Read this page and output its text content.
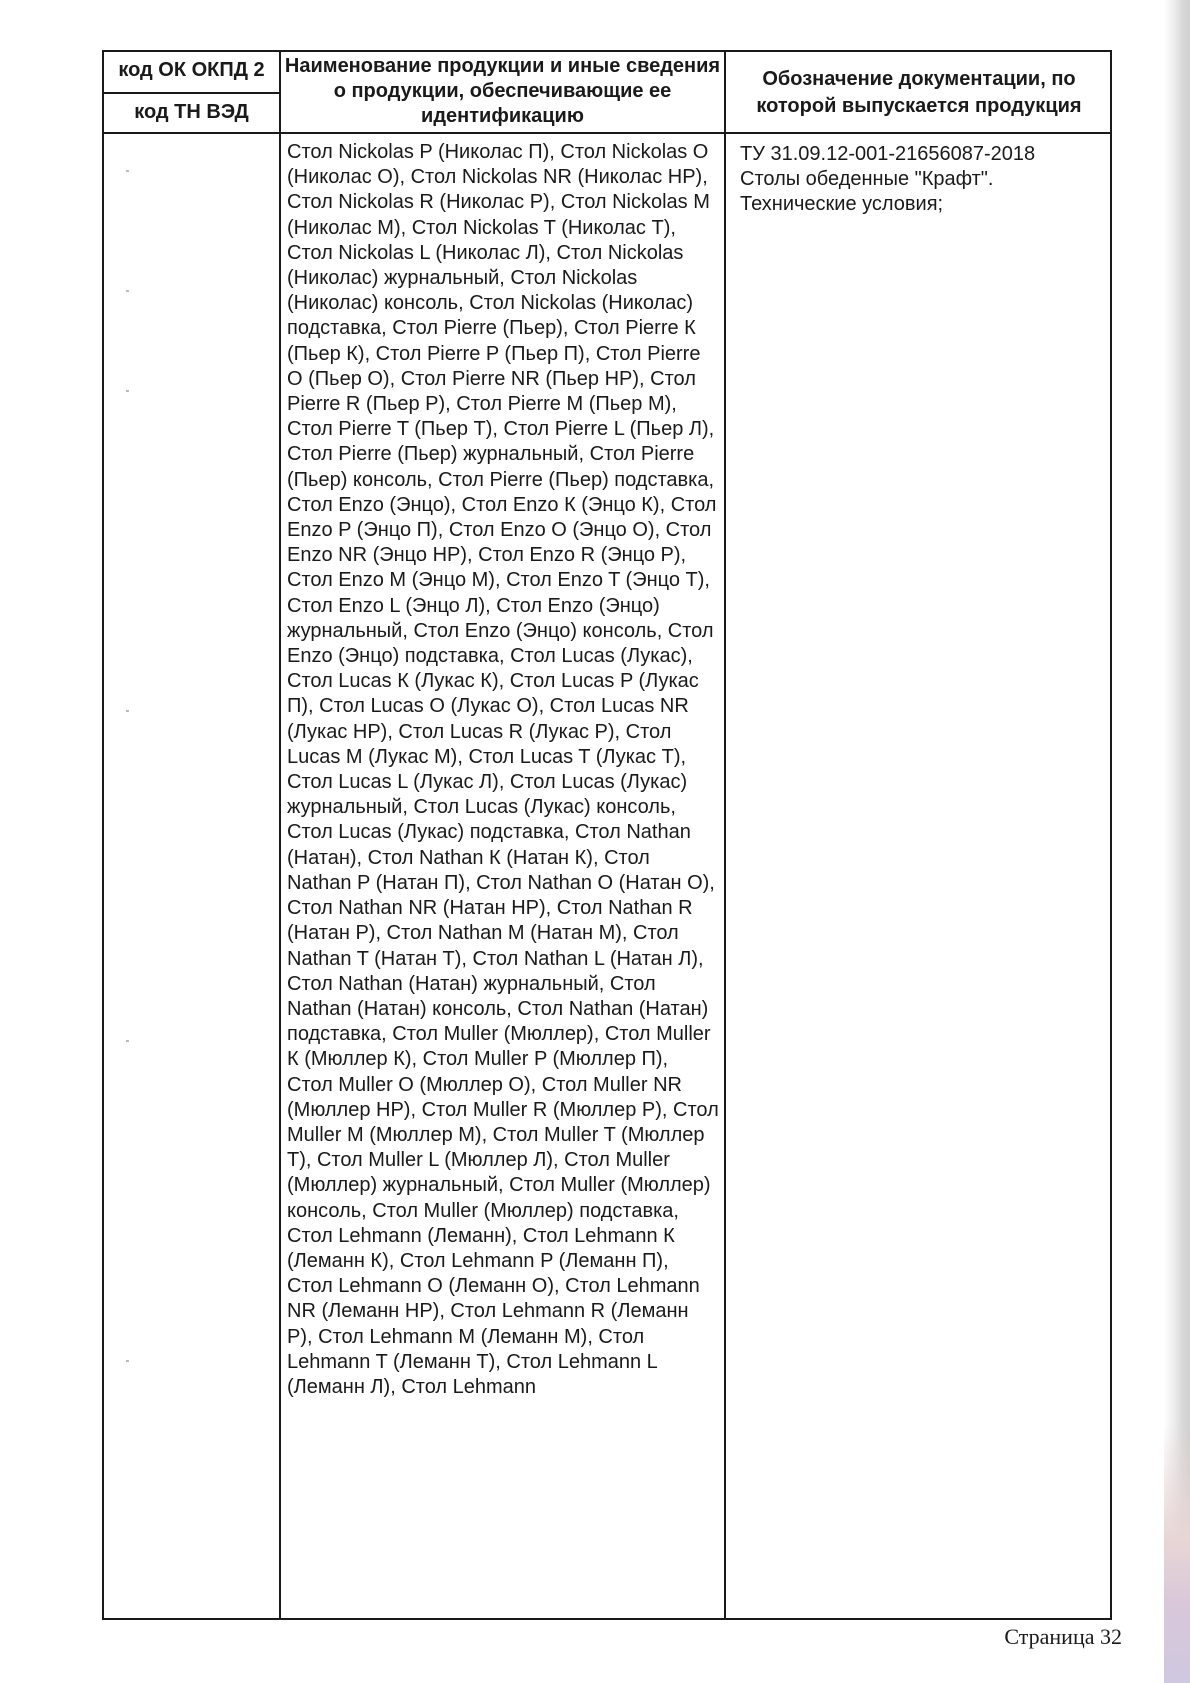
код ОК ОКПД 2
код ТН ВЭД
Наименование продукции и иные сведения о продукции, обеспечивающие ее идентификацию
Обозначение документации, по которой выпускается продукция
Стол Nickolas P (Николас П), Стол Nickolas O (Николас О), Стол Nickolas NR (Николас НР), Стол Nickolas R (Николас Р), Стол Nickolas M (Николас М), Стол Nickolas T (Николас Т), Стол Nickolas L (Николас Л), Стол Nickolas (Николас) журнальный, Стол Nickolas (Николас) консоль, Стол Nickolas (Николас) подставка, Стол Pierre (Пьер), Стол Pierre К (Пьер К), Стол Pierre P (Пьер П), Стол Pierre O (Пьер О), Стол Pierre NR (Пьер НР), Стол Pierre R (Пьер Р), Стол Pierre M (Пьер М), Стол Pierre T (Пьер Т), Стол Pierre L (Пьер Л), Стол Pierre (Пьер) журнальный, Стол Pierre (Пьер) консоль, Стол Pierre (Пьер) подставка, Стол Enzo (Энцо), Стол Enzo К (Энцо К), Стол Enzo P (Энцо П), Стол Enzo O (Энцо О), Стол Enzo NR (Энцо НР), Стол Enzo R (Энцо Р), Стол Enzo M (Энцо М), Стол Enzo T (Энцо Т), Стол Enzo L (Энцо Л), Стол Enzo (Энцо) журнальный, Стол Enzo (Энцо) консоль, Стол Enzo (Энцо) подставка, Стол Lucas (Лукас), Стол Lucas К (Лукас К), Стол Lucas P (Лукас П), Стол Lucas O (Лукас О), Стол Lucas NR (Лукас НР), Стол Lucas R (Лукас Р), Стол Lucas M (Лукас М), Стол Lucas T (Лукас Т), Стол Lucas L (Лукас Л), Стол Lucas (Лукас) журнальный, Стол Lucas (Лукас) консоль, Стол Lucas (Лукас) подставка, Стол Nathan (Натан), Стол Nathan К (Натан К), Стол Nathan P (Натан П), Стол Nathan O (Натан О), Стол Nathan NR (Натан НР), Стол Nathan R (Натан Р), Стол Nathan M (Натан М), Стол Nathan T (Натан Т), Стол Nathan L (Натан Л), Стол Nathan (Натан) журнальный, Стол Nathan (Натан) консоль, Стол Nathan (Натан) подставка, Стол Muller (Мюллер), Стол Muller К (Мюллер К), Стол Muller P (Мюллер П), Стол Muller O (Мюллер О), Стол Muller NR (Мюллер НР), Стол Muller R (Мюллер Р), Стол Muller M (Мюллер М), Стол Muller T (Мюллер Т), Стол Muller L (Мюллер Л), Стол Muller (Мюллер) журнальный, Стол Muller (Мюллер) консоль, Стол Muller (Мюллер) подставка, Стол Lehmann (Леманн), Стол Lehmann К (Леманн К), Стол Lehmann P (Леманн П), Стол Lehmann O (Леманн О), Стол Lehmann NR (Леманн НР), Стол Lehmann R (Леманн Р), Стол Lehmann M (Леманн М), Стол Lehmann T (Леманн Т), Стол Lehmann L (Леманн Л), Стол Lehmann
ТУ 31.09.12-001-21656087-2018 Столы обеденные "Крафт". Технические условия;
Страница 32
